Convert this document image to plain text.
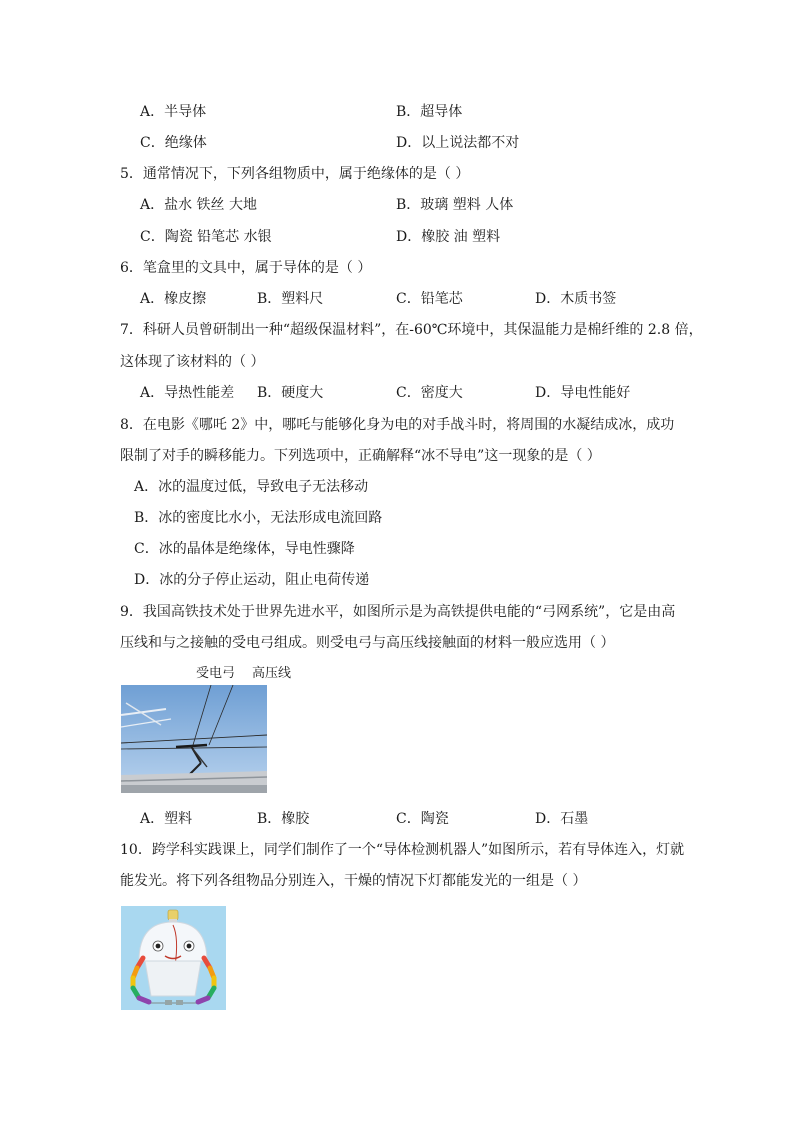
A．半导体	B．超导体
C．绝缘体	D．以上说法都不对
5．通常情况下，下列各组物质中，属于绝缘体的是（ ）
A．盐水 铁丝 大地	B．玻璃 塑料 人体
C．陶瓷 铅笔芯 水银	D．橡胶 油 塑料
6．笔盒里的文具中，属于导体的是（ ）
A．橡皮擦	B．塑料尺	C．铅笔芯	D．木质书签
7．科研人员曾研制出一种“超级保温材料”，在-60℃环境中，其保温能力是棉纤维的 2.8 倍，
这体现了该材料的（ ）
A．导热性能差 B．硬度大	C．密度大	D．导电性能好
8．在电影《哪吒 2》中，哪吒与能够化身为电的对手战斗时，将周围的水凝结成冰，成功
限制了对手的瞬移能力。下列选项中，正确解释“冰不导电”这一现象的是（ ）
A．冰的温度过低，导致电子无法移动
B．冰的密度比水小，无法形成电流回路
C．冰的晶体是绝缘体，导电性骤降
D．冰的分子停止运动，阻止电荷传递
9．我国高铁技术处于世界先进水平，如图所示是为高铁提供电能的“弓网系统”，它是由高
压线和与之接触的受电弓组成。则受电弓与高压线接触面的材料一般应选用（ ）
受电弓 高压线
A．塑料	B．橡胶	C．陶瓷	D．石墨
10．跨学科实践课上，同学们制作了一个“导体检测机器人”如图所示，若有导体连入，灯就
能发光。将下列各组物品分别连入，干燥的情况下灯都能发光的一组是（ ）
